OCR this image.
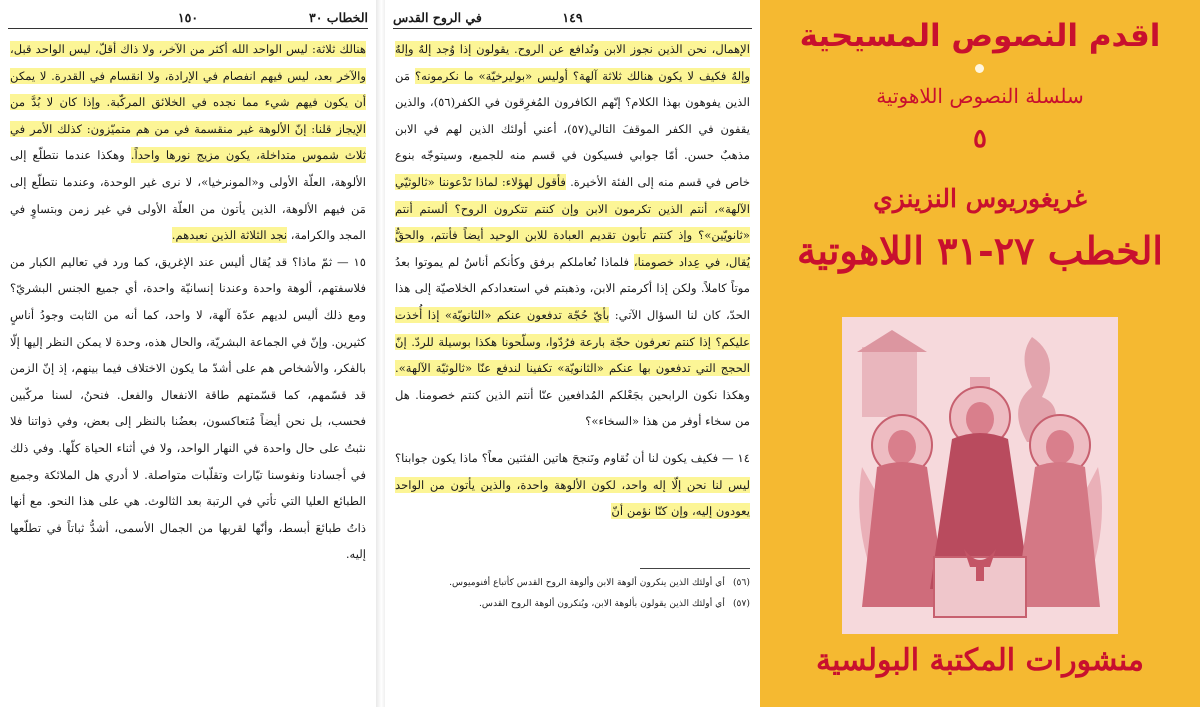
الخطاب ٣٠
١٥٠

هنالك ثلاثة: ليس الواحد الله أكثر من الآخر، ولا ذاك أقلّ، ليس الواحد قبل، والآخر بعد، ليس فيهم انفصام في الإرادة، ولا انقسام في القدرة. لا يمكن أن يكون فيهم شيء مما نجده في الخلائق المركّبة. وإذا كان لا بُدَّ من الإيجاز قلنا: إنّ الألوهة غير منقسمة في من هم متميّزون: كذلك الأمر في ثلاث شموس متداخلة، يكون مزيج نورها واحداً. وهكذا عندما نتطلّع إلى الألوهة، العلّة الأولى و«المونرخيا»، لا نرى غير الوحدة، وعندما نتطلّع إلى مَن فيهم الألوهة، الذين يأتون من العلّة الأولى في غير زمن وبتساوٍ في المجد والكرامة، نجد الثلاثة الذين نعبدهم.

١٥ — ثمّ ماذا؟ قد يُقال أليس عند الإغريق، كما ورد في تعاليم الكبار من فلاسفتهم، ألوهة واحدة وعندنا إنسانيّة واحدة، أي جميع الجنس البشريّ؟ ومع ذلك أليس لديهم عدّة آلهة، لا واحد، كما أنه من الثابت وجودُ أناسٍ كثيرين. وإنّ في الجماعة البشريّة، والحال هذه، وحدة لا يمكن النظر إليها إلّا بالفكر، والأشخاص هم على أشدّ ما يكون الاختلاف فيما بينهم، إذ إنّ الزمن قد قسّمهم، كما قسّمتهم طاقة الانفعال والفعل. فنحنُ، لسنا مركّبين فحسب، بل نحن أيضاً مُتعاكسون، بعضُنا بالنظر إلى بعض، وفي ذواتنا فلا نثبتُ على حال واحدة في النهار الواحد، ولا في أثناء الحياة كلّها. وفي ذلك في أجسادنا ونفوسنا تيّارات وتقلّبات متواصلة. لا أدري هل الملائكة وجميع الطبائع العليا التي تأتي في الرتبة بعد الثالوث. هي على هذا النحو. مع أنها ذاتُ طبائعَ أبسط، وأنّها لقربها من الجمال الأسمى، أشدُّ ثباتاً في تطلّعها إليه.

١٤٩
في الروح القدس

الإهمال، نحن الذين نجوز الابن ونُدافع عن الروح. يقولون إذا وُجد إلهٌ وإلهٌ وإلهٌ فكيف لا يكون هنالك ثلاثة آلهة؟ أوليس «بوليرخيّة» ما نكرمونه؟ مَن الذين يفوهون بهذا الكلام؟ إنّهم الكافرون المُغرِقون في الكفر(٥٦)، والذين يقفون في الكفر الموقفَ التالي(٥٧)، أعني أولئك الذين لهم في الابن مذهبٌ حسن. أمّا جوابي فسيكون في قسم منه للجميع، وسيتوجّه بنوع خاص في قسم منه إلى الفئة الأخيرة. فأقول لهؤلاء: لماذا تَدْعوننا «ثالوثيّي الآلهة»، أنتم الذين تكرمون الابن وإن كنتم تتكرون الروح؟ ألستم أنتم «ثانويّين»؟ وإذ كنتم تأبون تقديم العبادة للابن الوحيد أيضاً فأنتم، والحقُّ يُقال، في عِداد خصومنا، فلماذا نُعاملكم برفق وكأنكم أناسٌ لم يموتوا بعدُ موتاً كاملاً. ولكن إذا أكرمتم الابن، وذهبتم في استعدادكم الخلاصيّة إلى هذا الحدّ، كان لنا السؤال الآتي: بأيّ حُجّة تدفعون عنكم «الثانويّة» إذا أُخذت عليكم؟ إذا كنتم تعرفون حجّة بارعة فرُدّوا، وسلّحونا هكذا بوسيلة للردّ. إنّ الحجج التي تدفعون بها عنكم «الثانويّة» تكفينا لندفع عنّا «ثالوثيّة الآلهة». وهكذا نكون الرابحين بجَعْلكم المُدافعين عنّا أنتم الذين كنتم خصومنا. هل من سخاء أوفر من هذا «السخاء»؟

١٤ — فكيف يكون لنا أن نُقاوم ونَنجحَ هاتين الفئتين معاً؟ ماذا يكون جوابنا؟ ليس لنا نحن إلّا إله واحد، لكون الألوهة واحدة، والذين يأتون من الواحد يعودون إليه، وإن كنّا نؤمن أنّ

(٥٦)
أي أولئك الذين ينكرون ألوهة الابن وألوهة الروح القدس كأتباع أفنوميوس.
(٥٧)
أي أولئك الذين يقولون بألوهة الابن، ويُنكرون ألوهة الروح القدس.
اقدم النصوص المسيحية
سلسلة النصوص اللاهوتية
٥
غريغوريوس النزينزي
الخطب ٢٧-٣١ اللاهوتية
منشورات المكتبة البولسية
